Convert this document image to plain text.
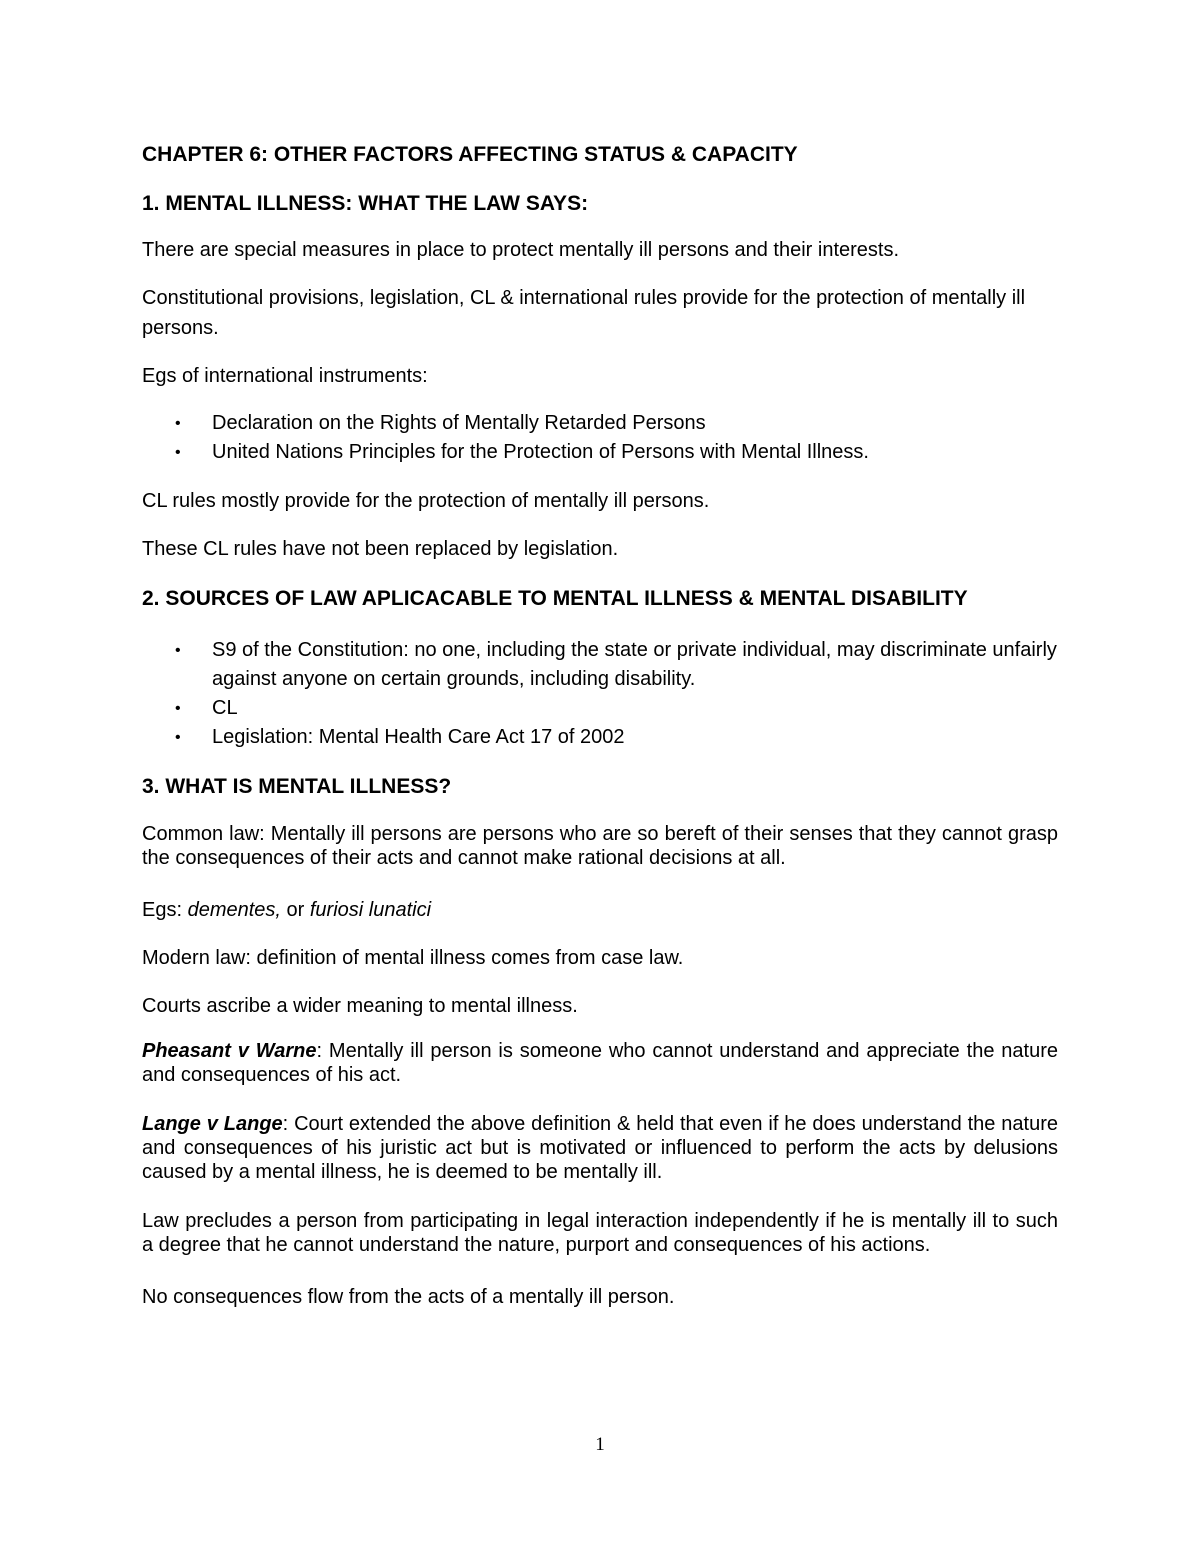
CHAPTER 6: OTHER FACTORS AFFECTING STATUS & CAPACITY
1. MENTAL ILLNESS: WHAT THE LAW SAYS:

There are special measures in place to protect mentally ill persons and their interests.

Constitutional provisions, legislation, CL & international rules provide for the protection of mentally ill persons.

Egs of international instruments:

• Declaration on the Rights of Mentally Retarded Persons
• United Nations Principles for the Protection of Persons with Mental Illness.

CL rules mostly provide for the protection of mentally ill persons.

These CL rules have not been replaced by legislation.

2. SOURCES OF LAW APLICACABLE TO MENTAL ILLNESS & MENTAL DISABILITY
• S9 of the Constitution: no one, including the state or private individual, may discriminate unfairly against anyone on certain grounds, including disability.
• CL
• Legislation: Mental Health Care Act 17 of 2002
3. WHAT IS MENTAL ILLNESS?

Common law: Mentally ill persons are persons who are so bereft of their senses that they cannot grasp the consequences of their acts and cannot make rational decisions at all.

Egs: dementes, or furiosi lunatici

Modern law: definition of mental illness comes from case law.

Courts ascribe a wider meaning to mental illness.

Pheasant v Warne: Mentally ill person is someone who cannot understand and appreciate the nature and consequences of his act.

Lange v Lange: Court extended the above definition & held that even if he does understand the nature and consequences of his juristic act but is motivated or influenced to perform the acts by delusions caused by a mental illness, he is deemed to be mentally ill.

Law precludes a person from participating in legal interaction independently if he is mentally ill to such a degree that he cannot understand the nature, purport and consequences of his actions.

No consequences flow from the acts of a mentally ill person.

1
